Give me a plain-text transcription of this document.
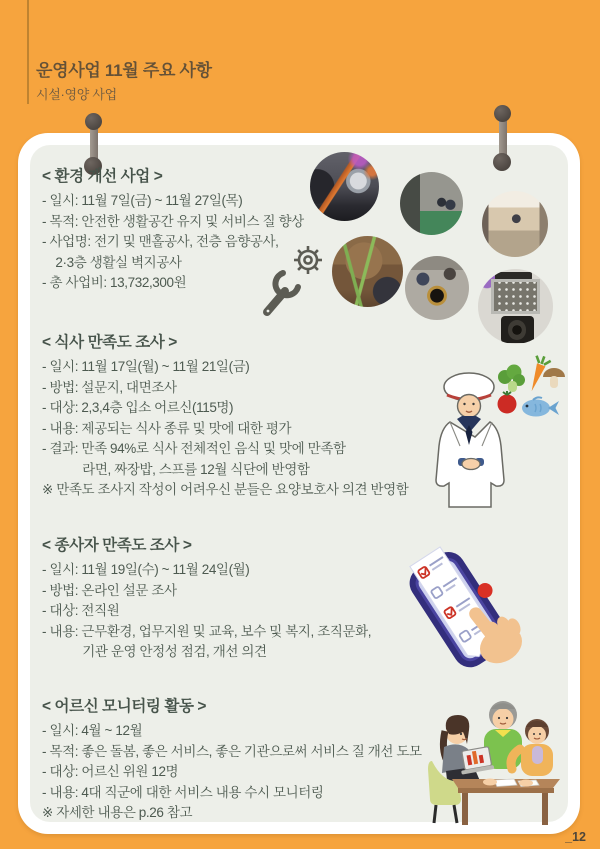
운영사업 11월 주요 사항
시설·영양 사업
< 환경 개선 사업 >
- 일시: 11월 7일(금) ~ 11월 27일(목)
- 목적: 안전한 생활공간 유지 및 서비스 질 향상
- 사업명: 전기 및 맨홀공사, 전층 음향공사,
2·3층 생활실 벽지공사
- 총 사업비: 13,732,300원
< 식사 만족도 조사 >
- 일시: 11월 17일(월) ~ 11월 21일(금)
- 방법: 설문지, 대면조사
- 대상: 2,3,4층 입소 어르신(115명)
- 내용: 제공되는 식사 종류 및 맛에 대한 평가
- 결과: 만족 94%로 식사 전체적인 음식 및 맛에 만족함
라면, 짜장밥, 스프를 12월 식단에 반영함
※ 만족도 조사지 작성이 어려우신 분들은 요양보호사 의견 반영함
< 종사자 만족도 조사 >
- 일시: 11월 19일(수) ~ 11월 24일(월)
- 방법: 온라인 설문 조사
- 대상: 전직원
- 내용: 근무환경, 업무지원 및 교육, 보수 및 복지, 조직문화,
기관 운영 안정성 점검, 개선 의견
< 어르신 모니터링 활동 >
- 일시: 4월 ~ 12월
- 목적: 좋은 돌봄, 좋은 서비스, 좋은 기관으로써 서비스 질 개선 도모
- 대상: 어르신 위원 12명
- 내용: 4대 직군에 대한 서비스 내용 수시 모니터링
※ 자세한 내용은 p.26 참고
_12
